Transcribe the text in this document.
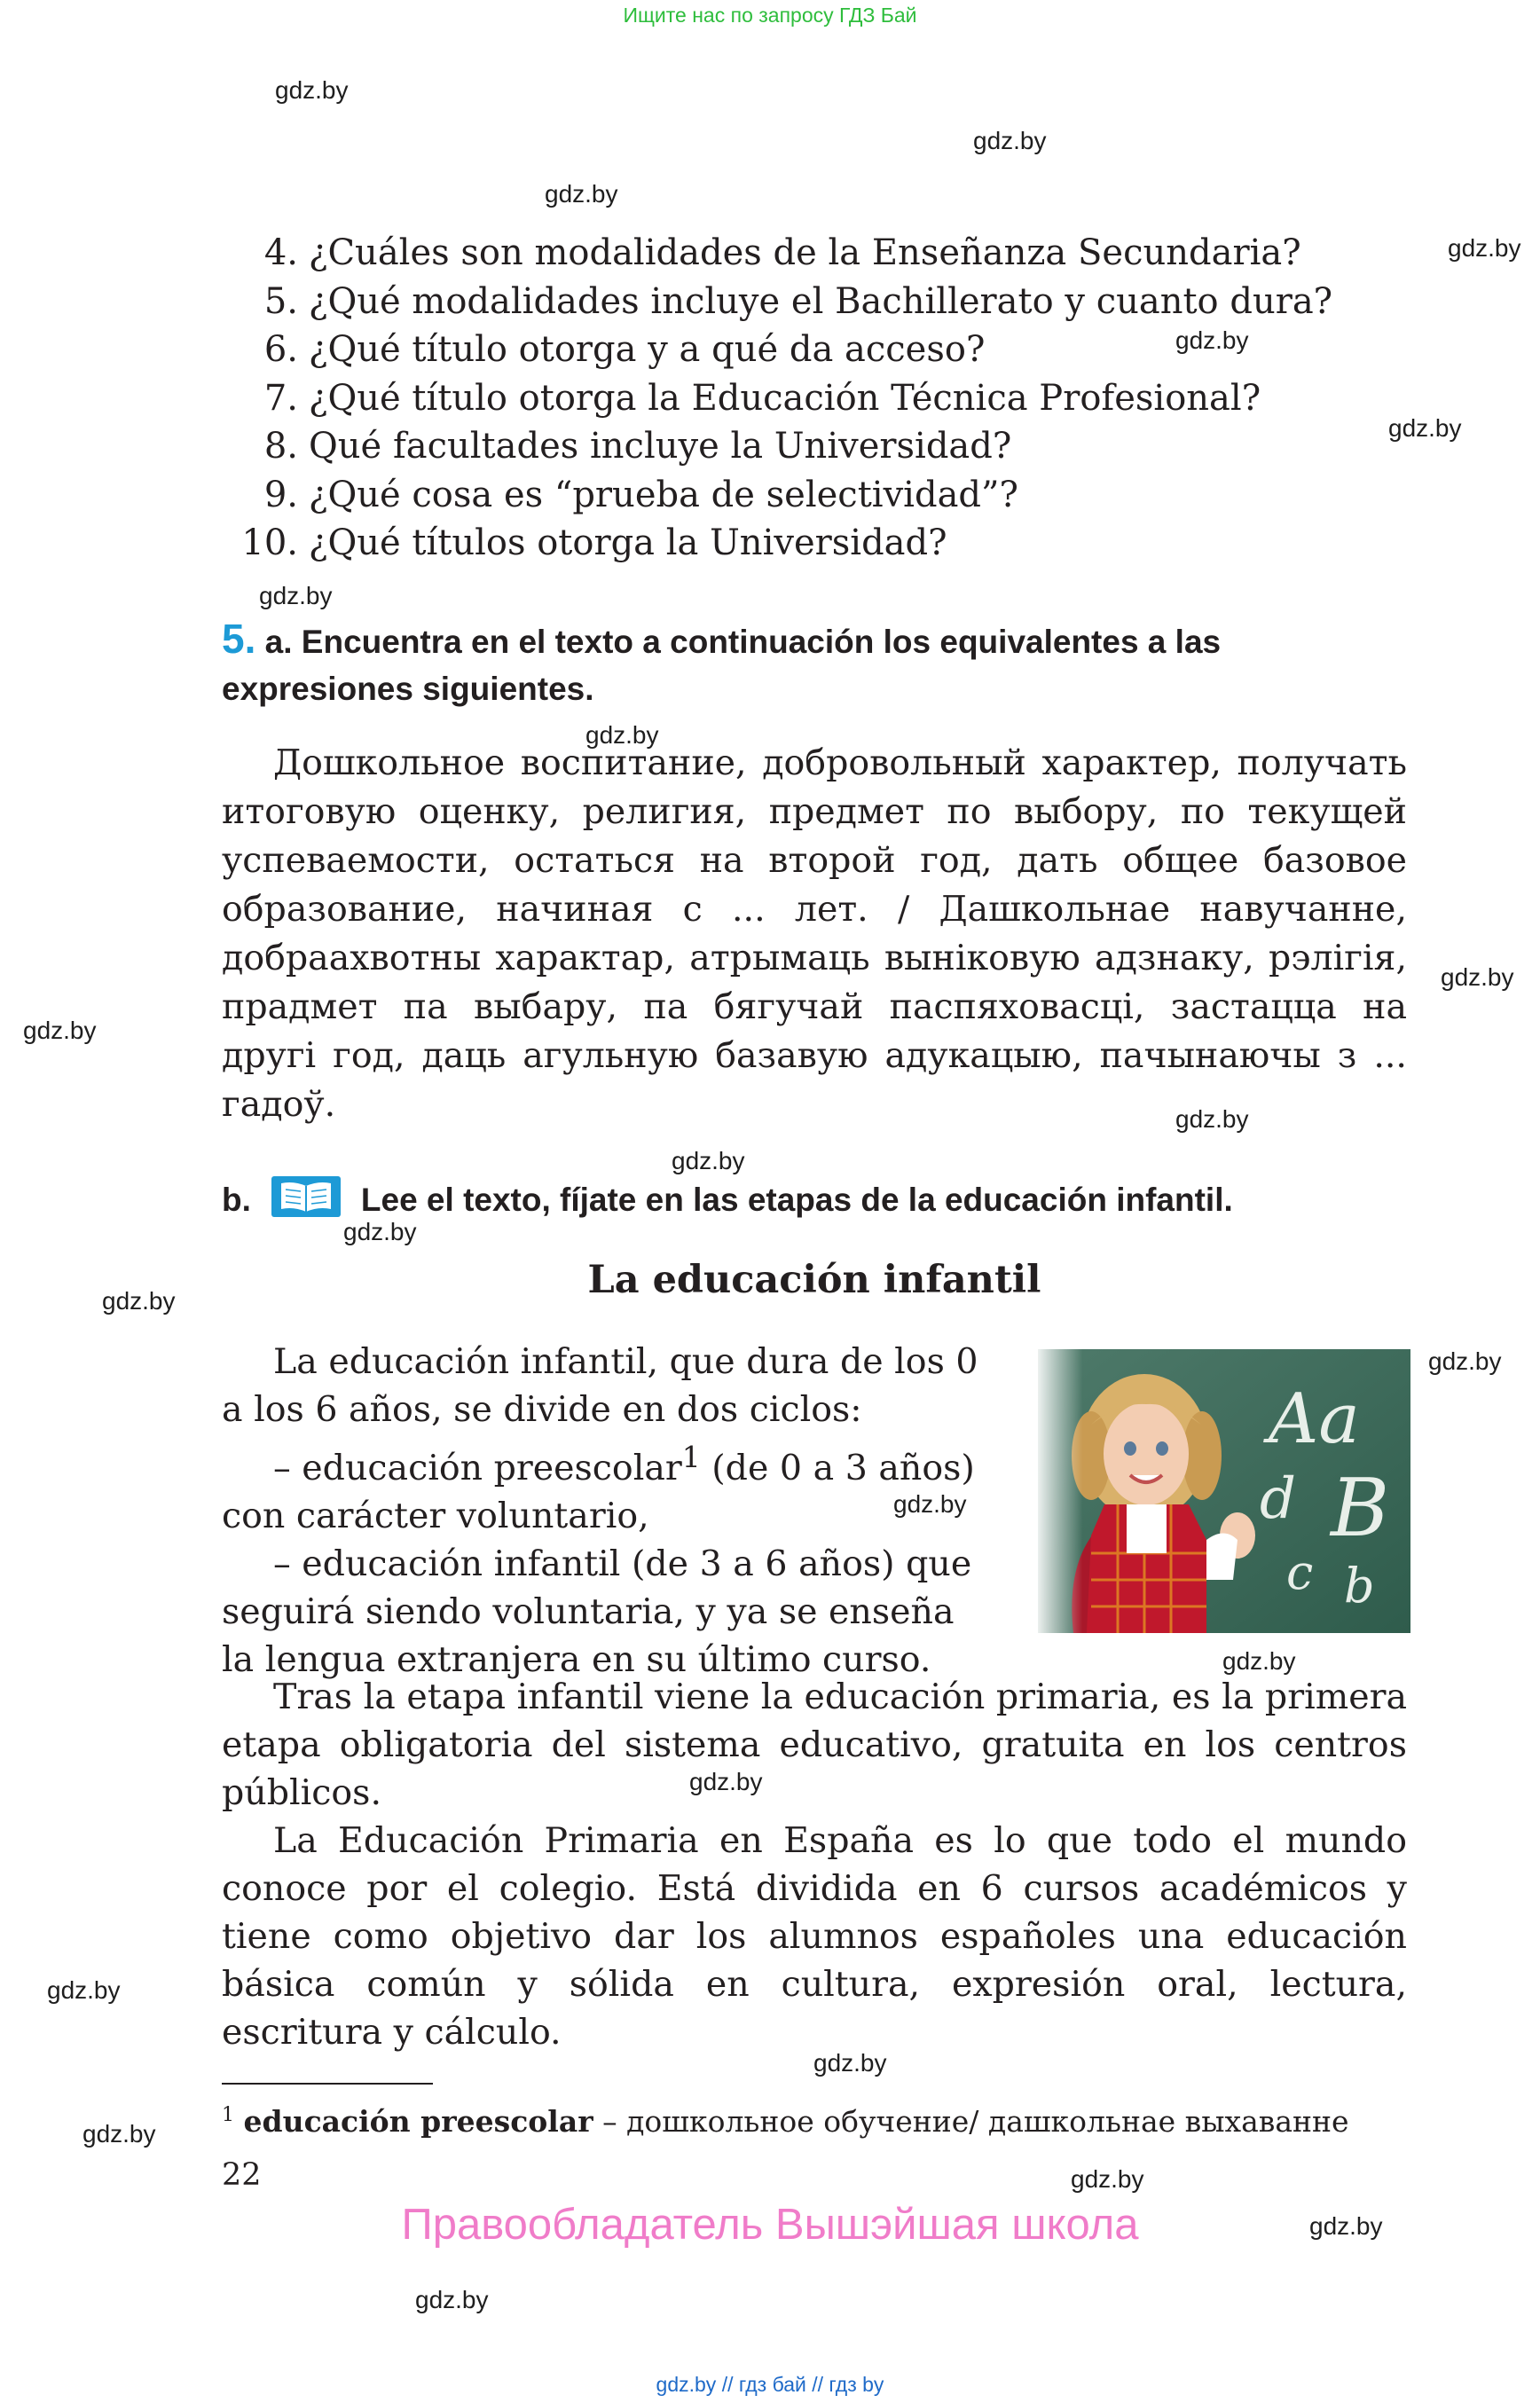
Ищите нас по запросу ГДЗ Бай
gdz.by
gdz.by
gdz.by
gdz.by
gdz.by
gdz.by
gdz.by
gdz.by
gdz.by
gdz.by
gdz.by
gdz.by
gdz.by
gdz.by
gdz.by
gdz.by
gdz.by
gdz.by
gdz.by
gdz.by
gdz.by
gdz.by
gdz.by
gdz.by
4. ¿Cuáles son modalidades de la Enseñanza Secundaria?
5. ¿Qué modalidades incluye el Bachillerato y cuanto dura?
6. ¿Qué título otorga y a qué da acceso?
7. ¿Qué título otorga la Educación Técnica Profesional?
8. Qué facultades incluye la Universidad?
9. ¿Qué cosa es “prueba de selectividad”?
10. ¿Qué títulos otorga la Universidad?
5. a. Encuentra en el texto a continuación los equivalentes a las expresiones siguientes.

Дошкольное воспитание, добровольный характер, получать итоговую оценку, религия, предмет по выбору, по текущей успеваемости, остаться на второй год, дать общее базовое образование, начиная с ... лет. / Дашкольнае навучанне, добраахвотны характар, атрымаць выніковую адзнаку, рэлігія, прадмет па выбару, па бягучай паспяховасці, застацца на другі год, даць агульную базавую адукацыю, пачынаючы з ... гадоў.

b.	Lee el texto, fíjate en las etapas de la educación infantil.
La educación infantil

La educación infantil, que dura de los 0 a los 6 años, se divide en dos ciclos:

– educación preescolar$^1$ (de 0 a 3 años) con carácter voluntario,

– educación infantil (de 3 a 6 años) que seguirá siendo voluntaria, y ya se enseña la lengua extranjera en su último curso.

Tras la etapa infantil viene la educación primaria, es la primera etapa obligatoria del sistema educativo, gratuita en los centros públicos.

La Educación Primaria en España es lo que todo el mundo conoce por el colegio. Está dividida en 6 cursos académicos y tiene como objetivo dar los alumnos españoles una educación básica común y sólida en cultura, expresión oral, lectura, escritura y cálculo.

$^1$ educación preescolar – дошкольное обучение/ дашкольнае выхаванне
22
Правообладатель Вышэйшая школа
gdz.by // гдз бай // гдз by
